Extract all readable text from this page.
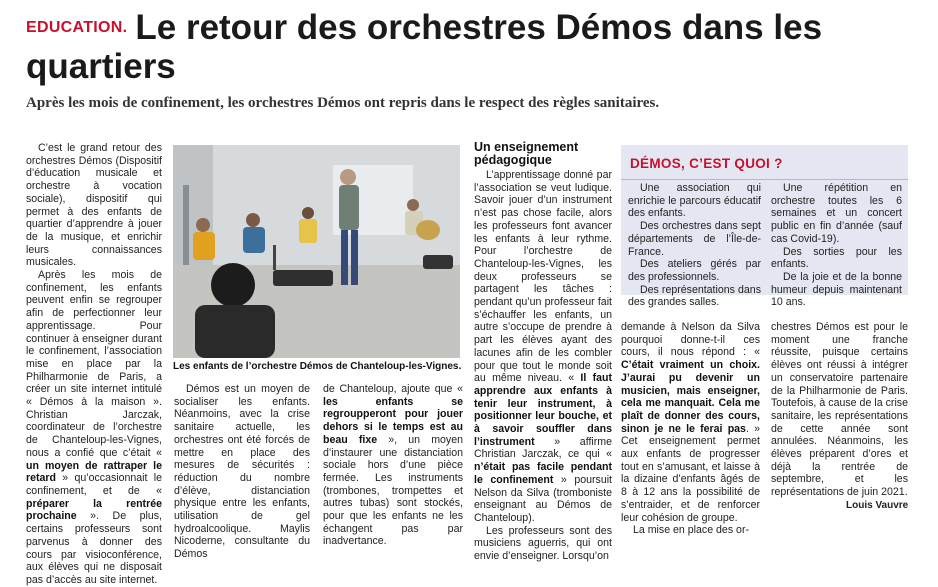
$^{EDUCATION.}$ Le retour des orchestres Démos dans les quartiers
Après les mois de confinement, les orchestres Démos ont repris dans le respect des règles sanitaires.

C’est le grand retour des orchestres Démos (Dispositif d’éducation musicale et orchestre à vocation sociale), dispositif qui permet à des enfants de quartier d’apprendre à jouer de la musique, et enrichir leurs connaissances musicales.

Après les mois de confinement, les enfants peuvent enfin se regrouper afin de perfectionner leur apprentissage. Pour continuer à enseigner durant le confinement, l’association mise en place par la Philharmonie de Paris, a créer un site internet intitulé « Démos à la maison ». Christian Jarczak, coordinateur de l’orchestre de Chanteloup-les-Vignes, nous a confié que c’était « un moyen de rattraper le retard » qu’occasionnait le confinement, et de « préparer la rentrée prochaine ». De plus, certains professeurs sont parvenus à donner des cours par visioconférence, aux élèves qui ne disposait pas d’accès au site internet.

Les enfants de l’orchestre Démos de Chanteloup-les-Vignes.

Démos est un moyen de socialiser les enfants. Néanmoins, avec la crise sanitaire actuelle, les orchestres ont été forcés de mettre en place des mesures de sécurités : réduction du nombre d’élève, distanciation physique entre les enfants, utilisation de gel hydroalcoolique. Maylis Nicoderne, consultante du Démos

de Chanteloup, ajoute que « les enfants se regroupperont pour jouer dehors si le temps est au beau fixe », un moyen d’instaurer une distanciation sociale hors d’une pièce fermée. Les instruments (trombones, trompettes et autres tubas) sont stockés, pour que les enfants ne les échangent pas par inadvertance.

Un enseignement pédagogique

L’apprentissage donné par l’association se veut ludique. Savoir jouer d’un instrument n’est pas chose facile, alors les professeurs font avancer les enfants à leur rythme. Pour l’orchestre de Chanteloup-les-Vignes, les deux professeurs se partagent les tâches : pendant qu’un professeur fait s’échauffer les enfants, un autre s’occupe de prendre à part les élèves ayant des lacunes afin de les combler pour que tout le monde soit au même niveau. « Il faut apprendre aux enfants à tenir leur instrument, à positionner leur bouche, et à savoir souffler dans l’instrument » affirme Christian Jarczak, ce qui « n’était pas facile pendant le confinement » poursuit Nelson da Silva (tromboniste enseignant au Démos de Chanteloup).

Les professeurs sont des musiciens aguerris, qui ont envie d’enseigner. Lorsqu’on

DÉMOS, C’EST QUOI ?

Une association qui enrichie le parcours éducatif des enfants.

Des orchestres dans sept départements de l’Île-de-France.

Des ateliers gérés par des professionnels.

Des représentations dans des grandes salles.

Une répétition en orchestre toutes les 6 semaines et un concert public en fin d’année (sauf cas Covid-19).

Des sorties pour les enfants.

De la joie et de la bonne humeur depuis maintenant 10 ans.

demande à Nelson da Silva pourquoi donne-t-il ces cours, il nous répond : « C’était vraiment un choix. J’aurai pu devenir un musicien, mais enseigner, cela me manquait. Cela me plaît de donner des cours, sinon je ne le ferai pas. » Cet enseignement permet aux enfants de progresser tout en s’amusant, et laisse à la dizaine d’enfants âgés de 8 à 12 ans la possibilité de s’entraider, et de renforcer leur cohésion de groupe.

La mise en place des or-

chestres Démos est pour le moment une franche réussite, puisque certains élèves ont réussi à intégrer un conservatoire partenaire de la Philharmonie de Paris. Toutefois, à cause de la crise sanitaire, les représentations de cette année sont annulées. Néanmoins, les élèves préparent d’ores et déjà la rentrée de septembre, et les représentations de juin 2021.

Louis Vauvre
